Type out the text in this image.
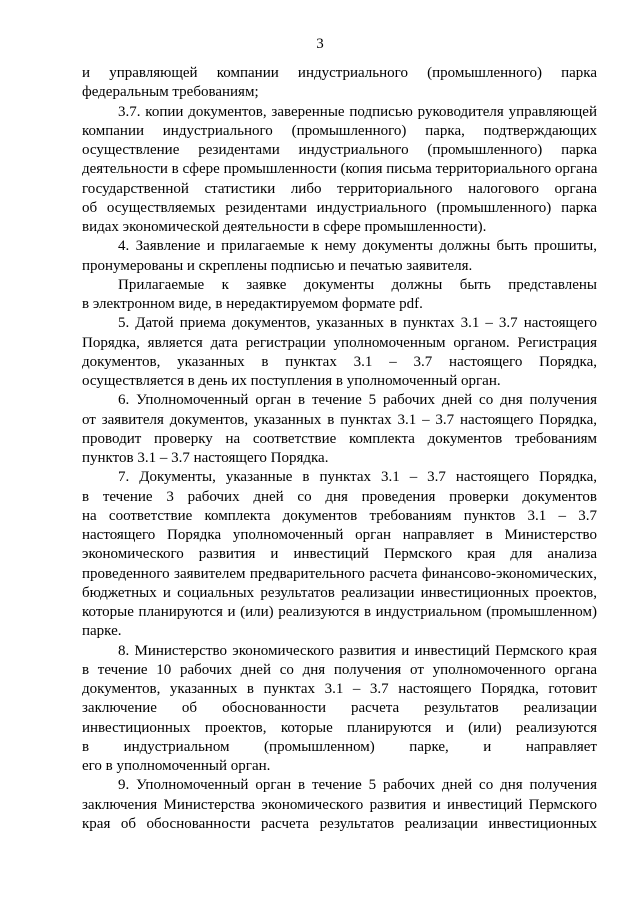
3
и управляющей компании индустриального (промышленного) парка
федеральным требованиям;
3.7. копии документов, заверенные подписью руководителя управляющей
компании индустриального (промышленного) парка, подтверждающих
осуществление резидентами индустриального (промышленного) парка
деятельности в сфере промышленности (копия письма территориального органа
государственной статистики либо территориального налогового органа
об осуществляемых резидентами индустриального (промышленного) парка
видах экономической деятельности в сфере промышленности).
4. Заявление и прилагаемые к нему документы должны быть прошиты,
пронумерованы и скреплены подписью и печатью заявителя.
Прилагаемые к заявке документы должны быть представлены
в электронном виде, в нередактируемом формате pdf.
5. Датой приема документов, указанных в пунктах 3.1 – 3.7 настоящего
Порядка, является дата регистрации уполномоченным органом. Регистрация
документов, указанных в пунктах 3.1 – 3.7 настоящего Порядка,
осуществляется в день их поступления в уполномоченный орган.
6. Уполномоченный орган в течение 5 рабочих дней со дня получения
от заявителя документов, указанных в пунктах 3.1 – 3.7 настоящего Порядка,
проводит проверку на соответствие комплекта документов требованиям
пунктов 3.1 – 3.7 настоящего Порядка.
7. Документы, указанные в пунктах 3.1 – 3.7 настоящего Порядка,
в течение 3 рабочих дней со дня проведения проверки документов
на соответствие комплекта документов требованиям пунктов 3.1 – 3.7
настоящего Порядка уполномоченный орган направляет в Министерство
экономического развития и инвестиций Пермского края для анализа
проведенного заявителем предварительного расчета финансово-экономических,
бюджетных и социальных результатов реализации инвестиционных проектов,
которые планируются и (или) реализуются в индустриальном (промышленном)
парке.
8. Министерство экономического развития и инвестиций Пермского края
в течение 10 рабочих дней со дня получения от уполномоченного органа
документов, указанных в пунктах 3.1 – 3.7 настоящего Порядка, готовит
заключение об обоснованности расчета результатов реализации
инвестиционных проектов, которые планируются и (или) реализуются
в индустриальном (промышленном) парке, и направляет
его в уполномоченный орган.
9. Уполномоченный орган в течение 5 рабочих дней со дня получения
заключения Министерства экономического развития и инвестиций Пермского
края об обоснованности расчета результатов реализации инвестиционных
